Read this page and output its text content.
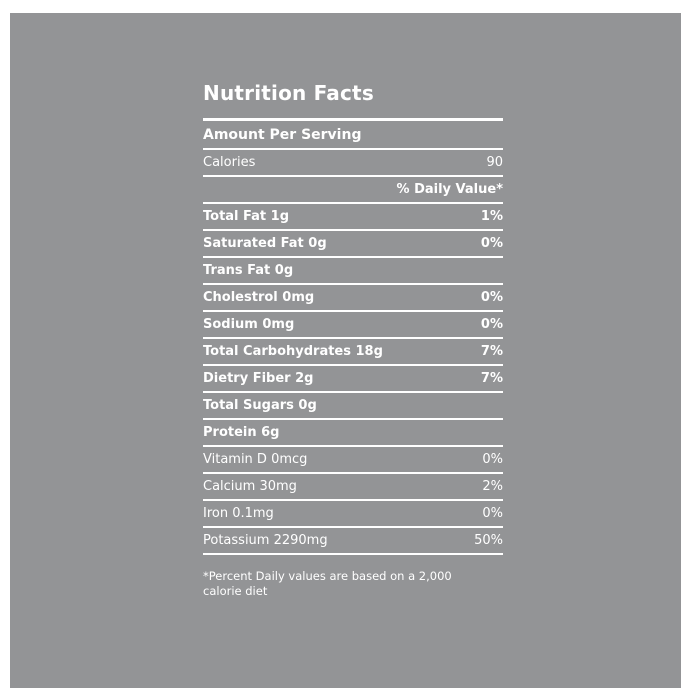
Nutrition Facts
Amount Per Serving
Calories	90
% Daily Value*
Total Fat 1g	1%
Saturated Fat 0g	0%
Trans Fat 0g
Cholestrol 0mg	0%
Sodium 0mg	0%
Total Carbohydrates 18g	7%
Dietry Fiber 2g	7%
Total Sugars 0g
Protein 6g
Vitamin D 0mcg	0%
Calcium 30mg	2%
Iron 0.1mg	0%
Potassium 2290mg	50%
*Percent Daily values are based on a 2,000 calorie diet
